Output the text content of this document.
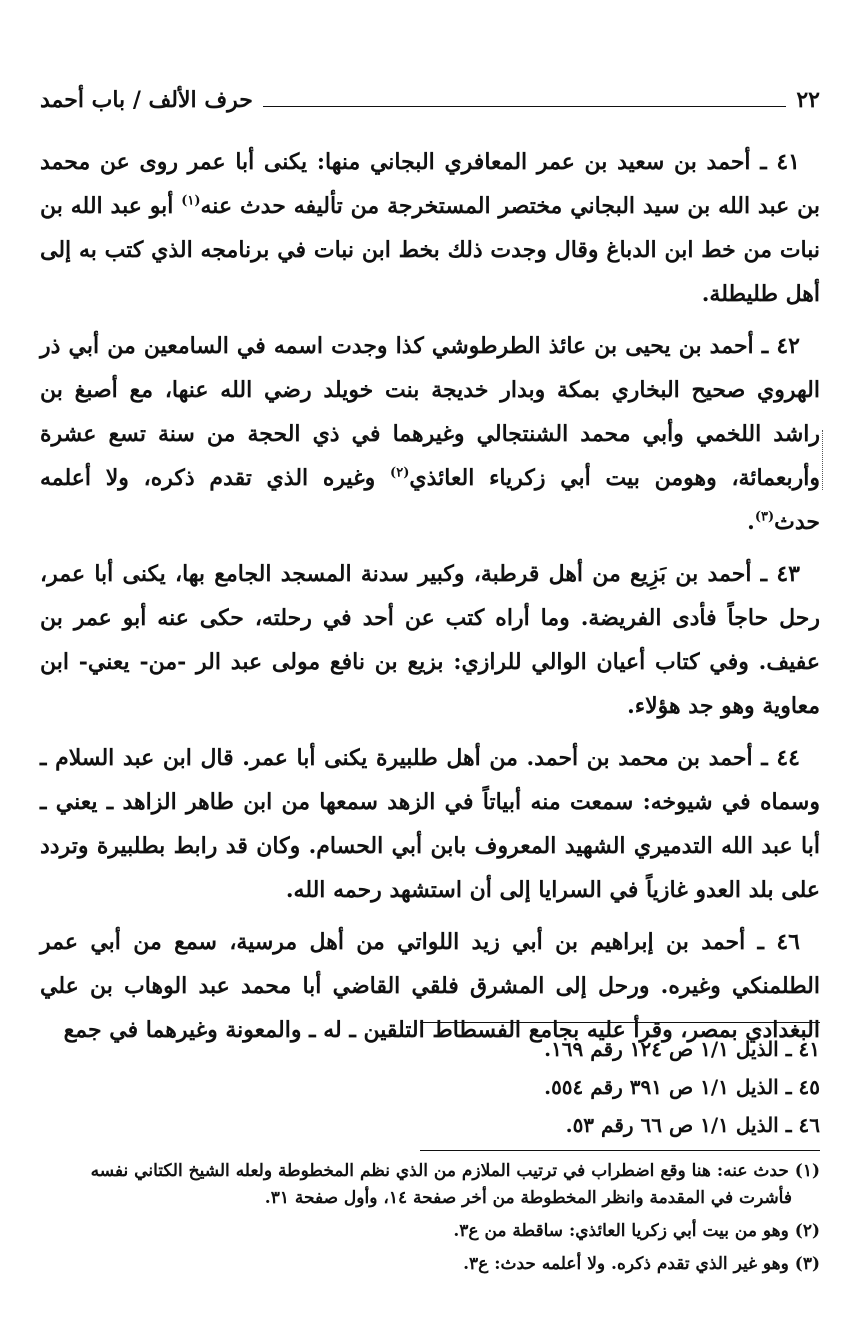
حرف الألف / باب أحمد	٢٢

٤١ ـ أحمد بن سعيد بن عمر المعافري البجاني منها: يكنى أبا عمر روى عن محمد بن عبد الله بن سيد البجاني مختصر المستخرجة من تأليفه حدث عنه$^{(١)}$ أبو عبد الله بن نبات من خط ابن الدباغ وقال وجدت ذلك بخط ابن نبات في برنامجه الذي كتب به إلى أهل طليطلة.

٤٢ ـ أحمد بن يحيى بن عائذ الطرطوشي كذا وجدت اسمه في السامعين من أبي ذر الهروي صحيح البخاري بمكة وبدار خديجة بنت خويلد رضي الله عنها، مع أصبغ بن راشد اللخمي وأبي محمد الشنتجالي وغيرهما في ذي الحجة من سنة تسع عشرة وأربعمائة، وهومن بيت أبي زكرياء العائذي$^{(٢)}$ وغيره الذي تقدم ذكره، ولا أعلمه حدث$^{(٣)}$.

٤٣ ـ أحمد بن بَزِيع من أهل قرطبة، وكبير سدنة المسجد الجامع بها، يكنى أبا عمر، رحل حاجاً فأدى الفريضة. وما أراه كتب عن أحد في رحلته، حكى عنه أبو عمر بن عفيف. وفي كتاب أعيان الوالي للرازي: بزيع بن نافع مولى عبد الر -من- يعني- ابن معاوية وهو جد هؤلاء.

٤٤ ـ أحمد بن محمد بن أحمد. من أهل طلبيرة يكنى أبا عمر. قال ابن عبد السلام ـ وسماه في شيوخه: سمعت منه أبياتاً في الزهد سمعها من ابن طاهر الزاهد ـ يعني ـ أبا عبد الله التدميري الشهيد المعروف بابن أبي الحسام. وكان قد رابط بطلبيرة وتردد على بلد العدو غازياً في السرايا إلى أن استشهد رحمه الله.

٤٦ ـ أحمد بن إبراهيم بن أبي زيد اللواتي من أهل مرسية، سمع من أبي عمر الطلمنكي وغيره. ورحل إلى المشرق فلقي القاضي أبا محمد عبد الوهاب بن علي البغدادي بمصر، وقرأ عليه بجامع الفسطاط التلقين ـ له ـ والمعونة وغيرهما في جمع

٤١ ـ الذيل ١/١ ص ١٢٤ رقم ١٦٩.
٤٥ ـ الذيل ١/١ ص ٣٩١ رقم ٥٥٤.
٤٦ ـ الذيل ١/١ ص ٦٦ رقم ٥٣.
(١) حدث عنه: هنا وقع اضطراب في ترتيب الملازم من الذي نظم المخطوطة ولعله الشيخ الكتاني نفسه
فأشرت في المقدمة وانظر المخطوطة من أخر صفحة ١٤، وأول صفحة ٣١.
(٢) وهو من بيت أبي زكريا العائذي: ساقطة من ع٣.
(٣) وهو غير الذي تقدم ذكره. ولا أعلمه حدث: ع٣.
